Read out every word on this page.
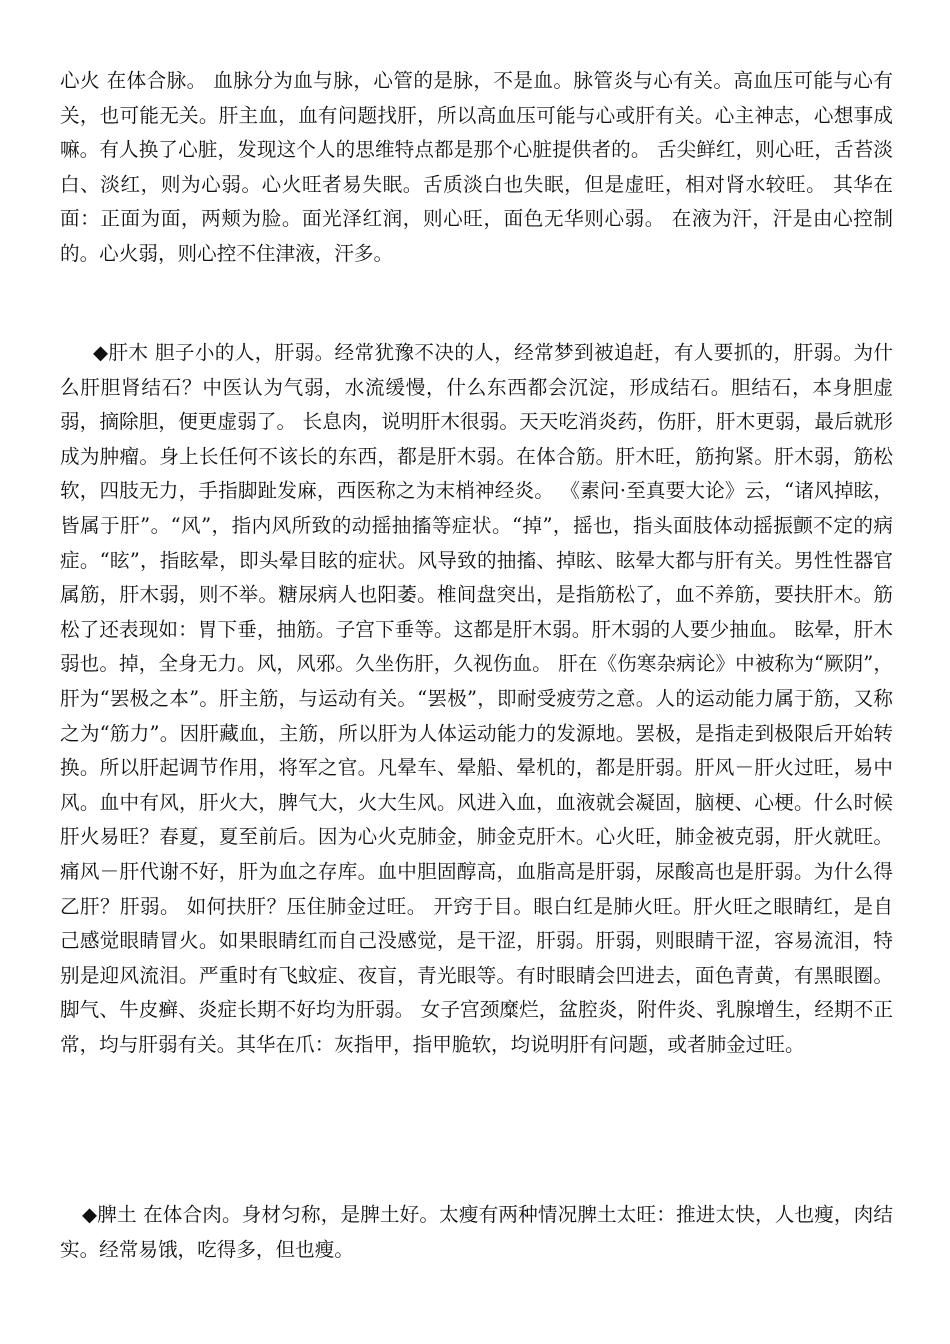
心火 在体合脉。 血脉分为血与脉，心管的是脉，不是血。脉管炎与心有关。高血压可能与心有关，也可能无关。肝主血，血有问题找肝，所以高血压可能与心或肝有关。心主神志，心想事成嘛。有人换了心脏，发现这个人的思维特点都是那个心脏提供者的。 舌尖鲜红，则心旺，舌苔淡白、淡红，则为心弱。心火旺者易失眠。舌质淡白也失眠，但是虚旺，相对肾水较旺。 其华在面：正面为面，两颊为脸。面光泽红润，则心旺，面色无华则心弱。 在液为汗，汗是由心控制的。心火弱，则心控不住津液，汗多。

◆肝木 胆子小的人，肝弱。经常犹豫不决的人，经常梦到被追赶，有人要抓的，肝弱。为什么肝胆肾结石？中医认为气弱，水流缓慢，什么东西都会沉淀，形成结石。胆结石，本身胆虚弱，摘除胆，便更虚弱了。 长息肉，说明肝木很弱。天天吃消炎药，伤肝，肝木更弱，最后就形成为肿瘤。身上长任何不该长的东西，都是肝木弱。在体合筋。肝木旺，筋拘紧。肝木弱，筋松软，四肢无力，手指脚趾发麻，西医称之为末梢神经炎。 《素问·至真要大论》云，“诸风掉眩，皆属于肝”。“风”，指内风所致的动摇抽搐等症状。“掉”，摇也，指头面肢体动摇振颤不定的病症。“眩”，指眩晕，即头晕目眩的症状。风导致的抽搐、掉眩、眩晕大都与肝有关。男性性器官属筋，肝木弱，则不举。糖尿病人也阳萎。椎间盘突出，是指筋松了，血不养筋，要扶肝木。筋松了还表现如：胃下垂，抽筋。子宫下垂等。这都是肝木弱。肝木弱的人要少抽血。 眩晕，肝木弱也。掉，全身无力。风，风邪。久坐伤肝，久视伤血。 肝在《伤寒杂病论》中被称为“厥阴”，肝为“罢极之本”。肝主筋，与运动有关。“罢极”，即耐受疲劳之意。人的运动能力属于筋，又称之为“筋力”。因肝藏血，主筋，所以肝为人体运动能力的发源地。罢极，是指走到极限后开始转换。所以肝起调节作用，将军之官。凡晕车、晕船、晕机的，都是肝弱。肝风－肝火过旺，易中风。血中有风，肝火大，脾气大，火大生风。风进入血，血液就会凝固，脑梗、心梗。什么时候肝火易旺？春夏，夏至前后。因为心火克肺金，肺金克肝木。心火旺，肺金被克弱，肝火就旺。痛风－肝代谢不好，肝为血之存库。血中胆固醇高，血脂高是肝弱，尿酸高也是肝弱。为什么得乙肝？肝弱。 如何扶肝？压住肺金过旺。 开窍于目。眼白红是肺火旺。肝火旺之眼睛红，是自己感觉眼睛冒火。如果眼睛红而自己没感觉，是干涩，肝弱。肝弱，则眼睛干涩，容易流泪，特别是迎风流泪。严重时有飞蚊症、夜盲，青光眼等。有时眼睛会凹进去，面色青黄，有黑眼圈。 脚气、牛皮癣、炎症长期不好均为肝弱。 女子宫颈糜烂，盆腔炎，附件炎、乳腺增生，经期不正常，均与肝弱有关。其华在爪：灰指甲，指甲脆软，均说明肝有问题，或者肺金过旺。

◆脾土 在体合肉。身材匀称，是脾土好。太瘦有两种情况脾土太旺：推进太快，人也瘦，肉结实。经常易饿，吃得多，但也瘦。
